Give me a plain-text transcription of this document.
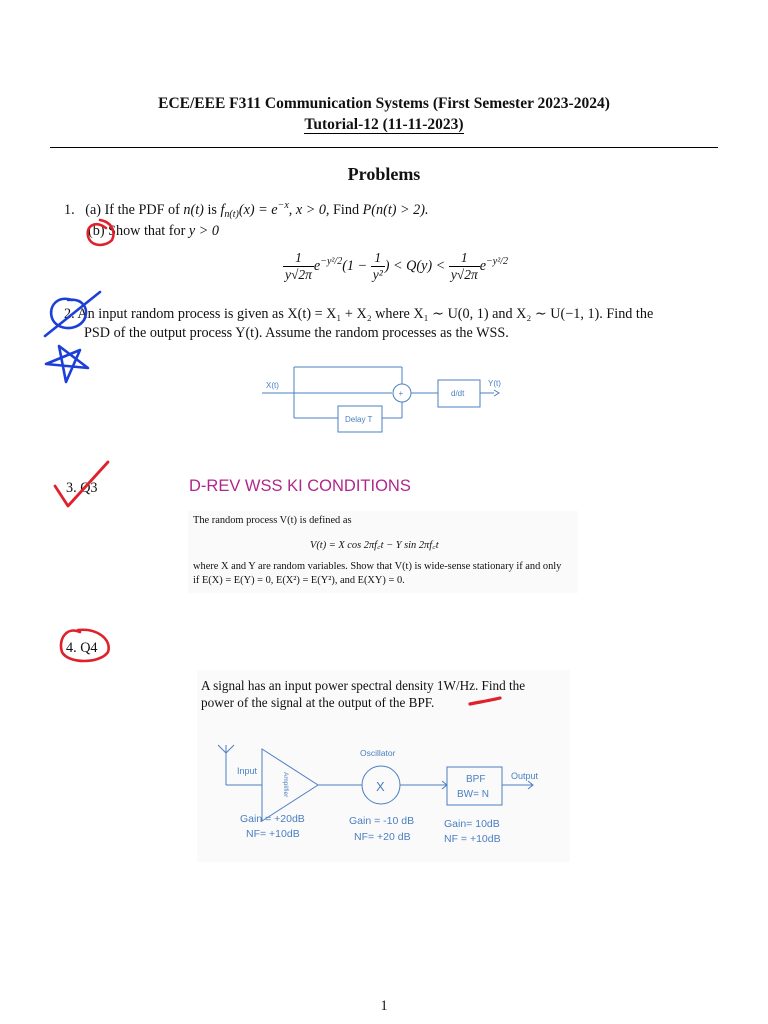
ECE/EEE F311 Communication Systems (First Semester 2023-2024)
Tutorial-12 (11-11-2023)
Problems
1. (a) If the PDF of n(t) is $f_{n(t)}(x) = e^{-x}$, x > 0, Find P(n(t) > 2).
(b) Show that for y > 0
$\frac{1}{y√2\pi} e^{-y^2/2}(1 - \frac{1}{\text{y²}}$ ) < $Q(y) < \frac{1}{y√2\pi} e^{-y^2/2}$
2. An input random process is given as X(t) = X₁ + X₂ where X₁ ∼ U(0, 1) and X₂ ∼ U(−1, 1). Find the
PSD of the output process Y(t). Assume the random processes as the WSS.
X(t)	Y(t)
+	d/dt
Delay T
3. Q3	D-REV WSS KI CONDITIONS
The random process V(t) is defined as
V(t) = X cos 2πf꜀t − Y sin 2πf꜀t
where X and Y are random variables. Show that V(t) is wide-sense stationary if and only
if E(X) = E(Y) = 0, E(X²) = E(Y²), and E(XY) = 0.
4. Q4
A signal has an input power spectral density 1W/Hz. Find the
power of the signal at the output of the BPF.
Input
Amplifier
Oscillator
X	BPF
BW= N
Output
Gain = +20dB
NF= +10dB
Gain = -10 dB
NF= +20 dB
Gain= 10dB
NF = +10dB
1
